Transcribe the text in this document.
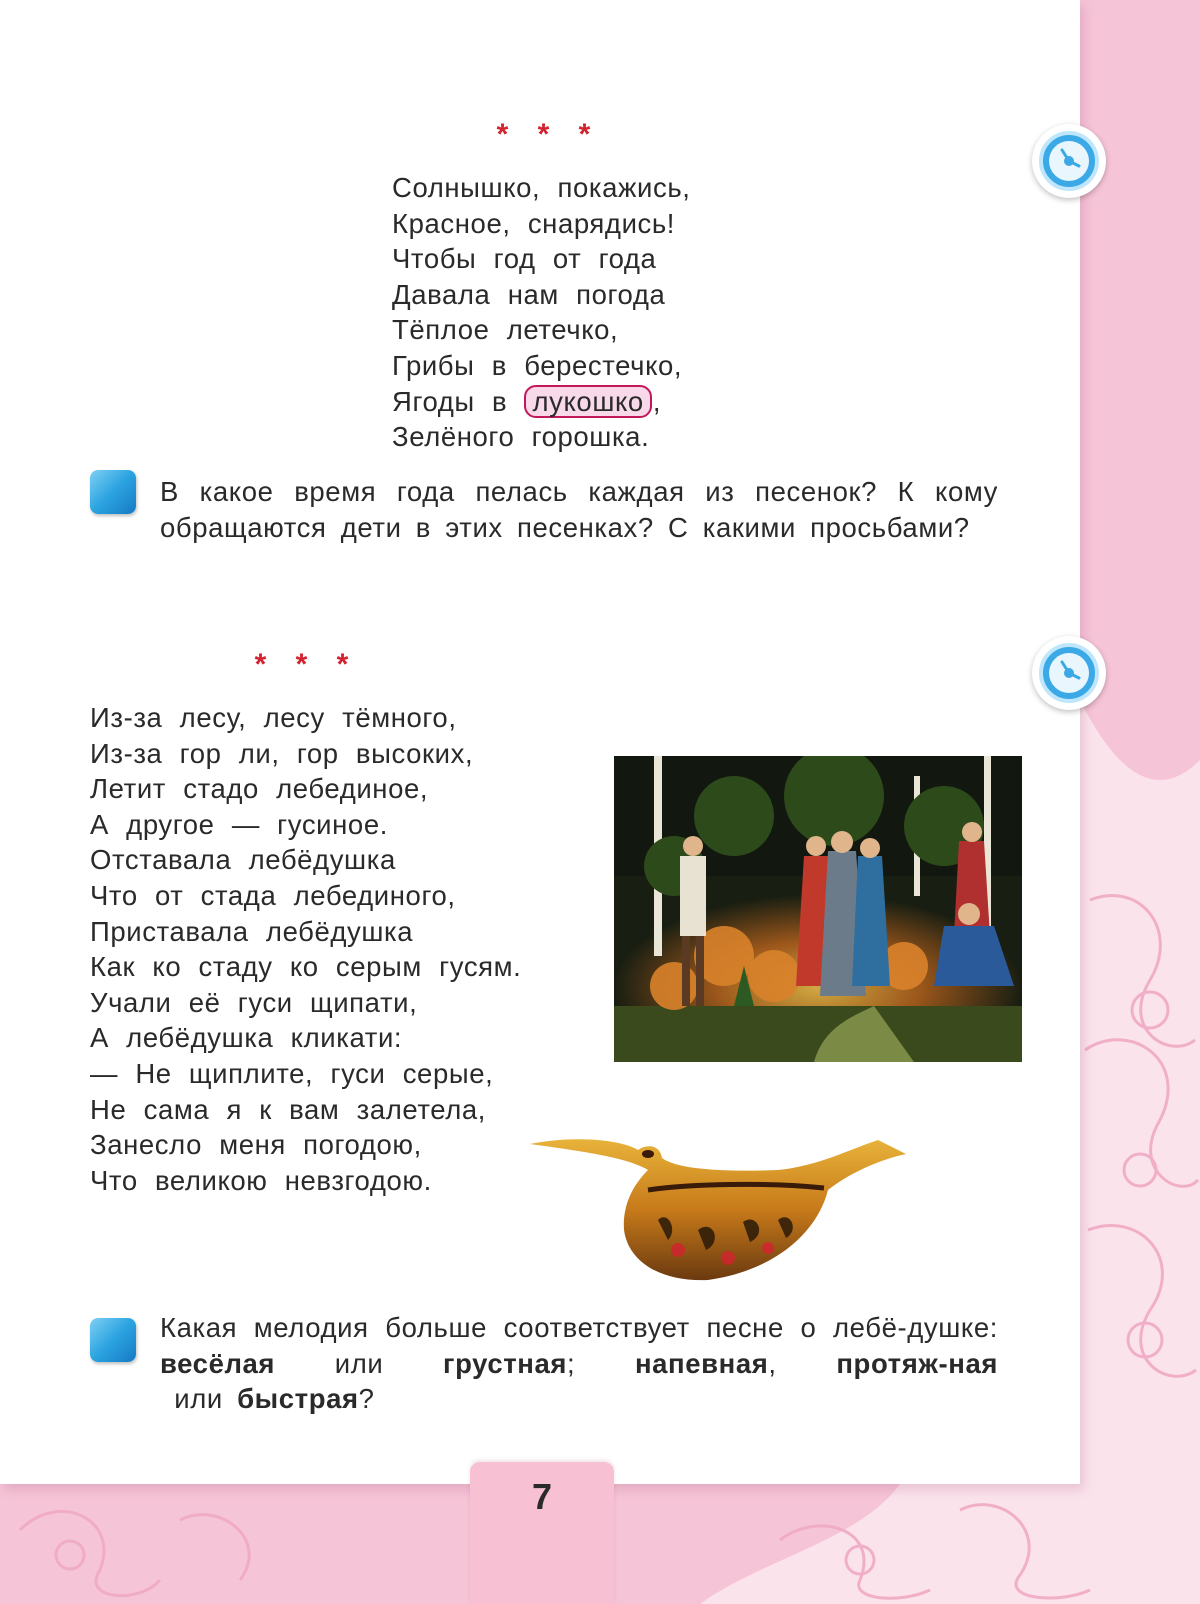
* * *
Солнышко, покажись,
Красное, снарядись!
Чтобы год от года
Давала нам погода
Тёплое летечко,
Грибы в берестечко,
Ягоды в лукошко ,
Зелёного горошка.
В какое время года пелась каждая из песенок? К кому обращаются дети в этих песенках? С какими просьбами?
* * *
Из-за лесу, лесу тёмного,
Из-за гор ли, гор высоких,
Летит стадо лебединое,
А другое — гусиное.
Отставала лебёдушка
Что от стада лебединого,
Приставала лебёдушка
Как ко стаду ко серым гусям.
Учали её гуси щипати,
А лебёдушка кликати:
— Не щиплите, гуси серые,
Не сама я к вам залетела,
Занесло меня погодою,
Что великою невзгодою.
Какая мелодия больше соответствует песне о лебё-душке: весёлая или грустная; напевная, протяж-ная или быстрая?
7
